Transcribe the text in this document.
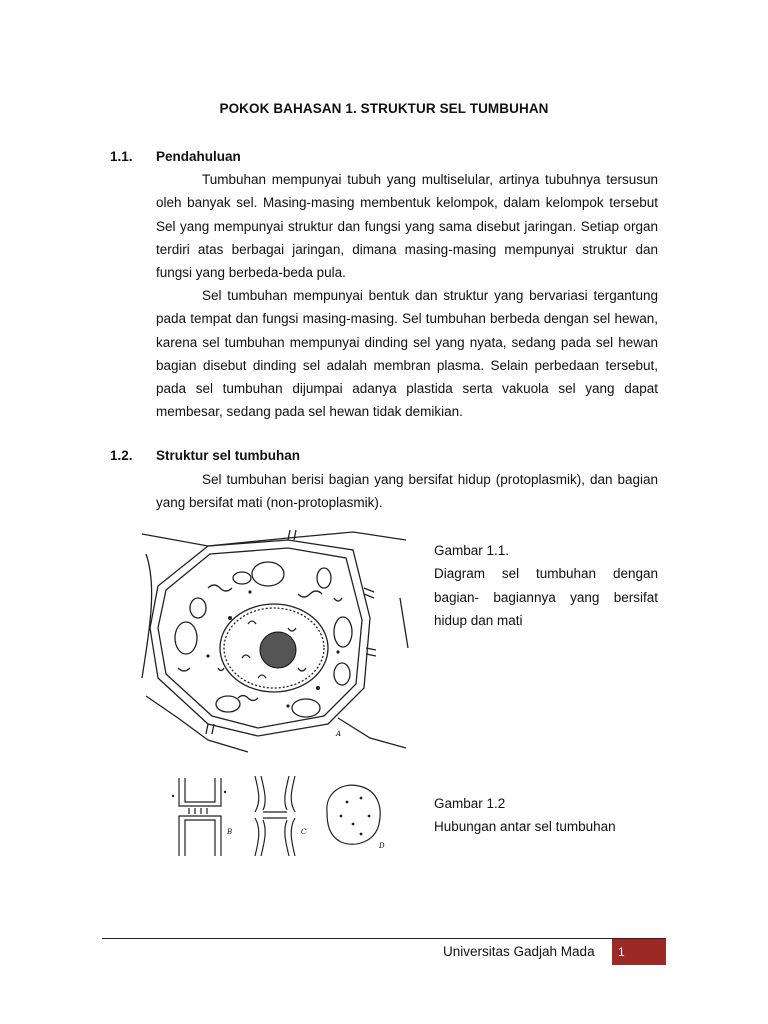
POKOK BAHASAN 1. STRUKTUR SEL TUMBUHAN
1.1. Pendahuluan

Tumbuhan mempunyai tubuh yang multiselular, artinya tubuhnya tersusun oleh banyak sel. Masing-masing membentuk kelompok, dalam kelompok tersebut Sel yang mempunyai struktur dan fungsi yang sama disebut jaringan. Setiap organ terdiri atas berbagai jaringan, dimana masing-masing mempunyai struktur dan fungsi yang berbeda-beda pula.

Sel tumbuhan mempunyai bentuk dan struktur yang bervariasi tergantung pada tempat dan fungsi masing-masing. Sel tumbuhan berbeda dengan sel hewan, karena sel tumbuhan mempunyai dinding sel yang nyata, sedang pada sel hewan bagian disebut dinding sel adalah membran plasma. Selain perbedaan tersebut, pada sel tumbuhan dijumpai adanya plastida serta vakuola sel yang dapat membesar, sedang pada sel hewan tidak demikian.

1.2. Struktur sel tumbuhan

Sel tumbuhan berisi bagian yang bersifat hidup (protoplasmik), dan bagian yang bersifat mati (non-protoplasmik).

A
Gambar 1.1.
Diagram sel tumbuhan dengan bagian- bagiannya yang bersifat hidup dan mati
B	C
D
Gambar 1.2
Hubungan antar sel tumbuhan
Universitas Gadjah Mada 1
